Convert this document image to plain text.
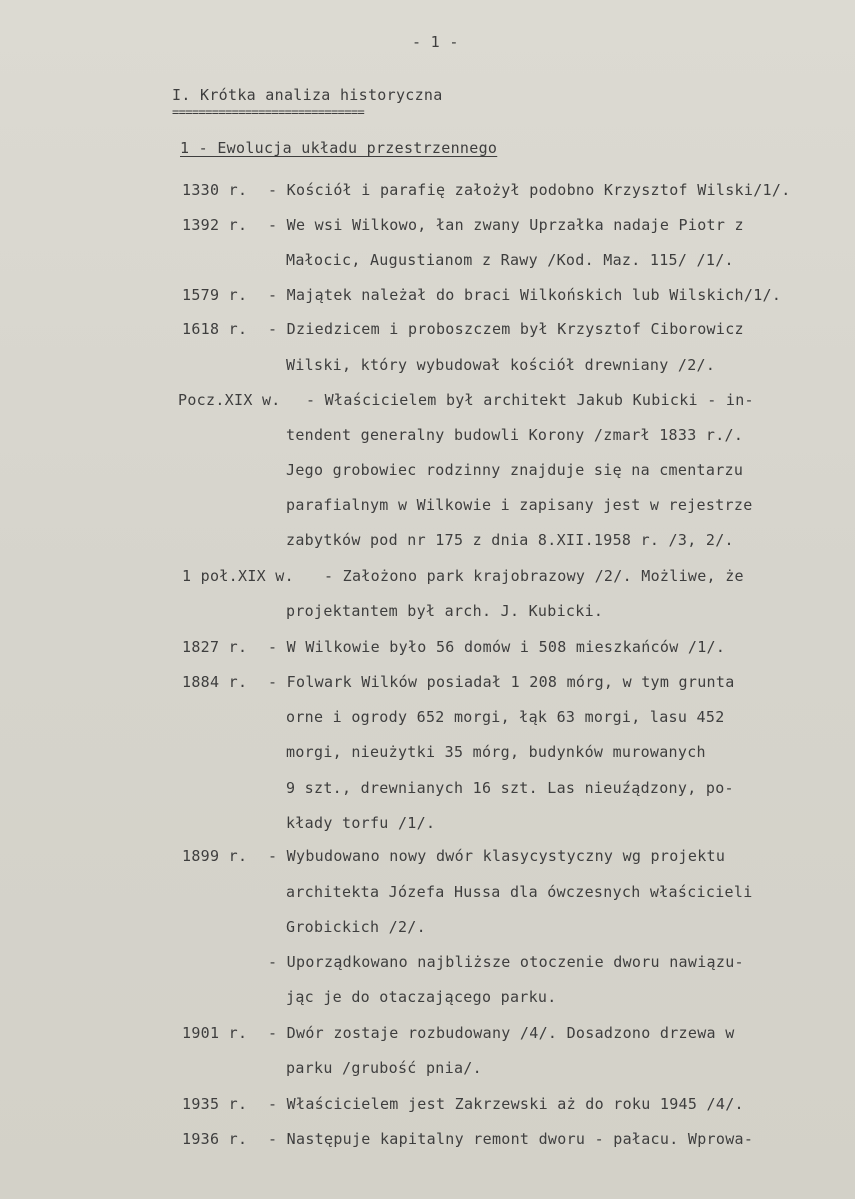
- 1 -
I. Krótka analiza historyczna
=============================
1 - Ewolucja układu przestrzennego
1330 r. - Kościół i parafię założył podobno Krzysztof Wilski/1/.
1392 r. - We wsi Wilkowo, łan zwany Uprzałka nadaje Piotr z
Małocic, Augustianom z Rawy /Kod. Maz. 115/ /1/.
1579 r. - Majątek należał do braci Wilkońskich lub Wilskich/1/.
1618 r. - Dziedzicem i proboszczem był Krzysztof Ciborowicz
Wilski, który wybudował kościół drewniany /2/.
Pocz.XIX w. - Właścicielem był architekt Jakub Kubicki - in-
tendent generalny budowli Korony /zmarł 1833 r./.
Jego grobowiec rodzinny znajduje się na cmentarzu
parafialnym w Wilkowie i zapisany jest w rejestrze
zabytków pod nr 175 z dnia 8.XII.1958 r. /3, 2/.
1 poł.XIX w. - Założono park krajobrazowy /2/. Możliwe, że
projektantem był arch. J. Kubicki.
1827 r. - W Wilkowie było 56 domów i 508 mieszkańców /1/.
1884 r. - Folwark Wilków posiadał 1 208 mórg, w tym grunta
orne i ogrody 652 morgi, łąk 63 morgi, lasu 452
morgi, nieużytki 35 mórg, budynków murowanych
9 szt., drewnianych 16 szt. Las nieuźądzony, po-
kłady torfu /1/.
1899 r. - Wybudowano nowy dwór klasycystyczny wg projektu
architekta Józefa Hussa dla ówczesnych właścicieli
Grobickich /2/.
- Uporządkowano najbliższe otoczenie dworu nawiązu-
jąc je do otaczającego parku.
1901 r. - Dwór zostaje rozbudowany /4/. Dosadzono drzewa w
parku /grubość pnia/.
1935 r. - Właścicielem jest Zakrzewski aż do roku 1945 /4/.
1936 r. - Następuje kapitalny remont dworu - pałacu. Wprowa-
